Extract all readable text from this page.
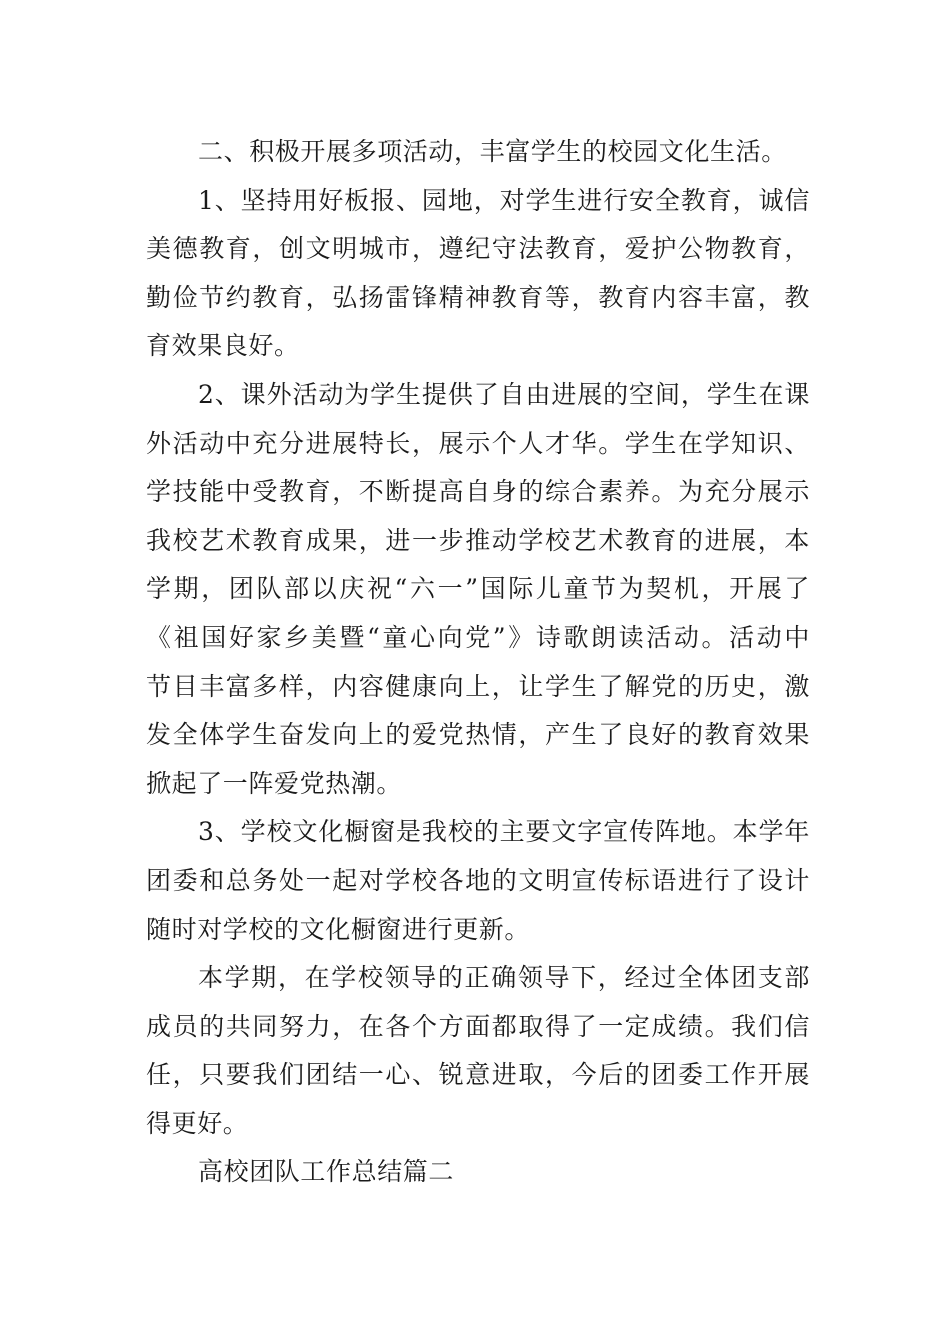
二、积极开展多项活动，丰富学生的校园文化生活。

1、坚持用好板报、园地，对学生进行安全教育，诚信
美德教育，创文明城市，遵纪守法教育，爱护公物教育，
勤俭节约教育，弘扬雷锋精神教育等，教育内容丰富，教
育效果良好。

2、课外活动为学生提供了自由进展的空间，学生在课
外活动中充分进展特长，展示个人才华。学生在学知识、
学技能中受教育，不断提高自身的综合素养。为充分展示
我校艺术教育成果，进一步推动学校艺术教育的进展，本
学期，团队部以庆祝“六一”国际儿童节为契机，开展了
《祖国好家乡美暨“童心向党”》诗歌朗读活动。活动中
节目丰富多样，内容健康向上，让学生了解党的历史，激
发全体学生奋发向上的爱党热情，产生了良好的教育效果
掀起了一阵爱党热潮。

3、学校文化橱窗是我校的主要文字宣传阵地。本学年
团委和总务处一起对学校各地的文明宣传标语进行了设计
随时对学校的文化橱窗进行更新。

本学期，在学校领导的正确领导下，经过全体团支部
成员的共同努力，在各个方面都取得了一定成绩。我们信
任，只要我们团结一心、锐意进取，今后的团委工作开展
得更好。

高校团队工作总结篇二
